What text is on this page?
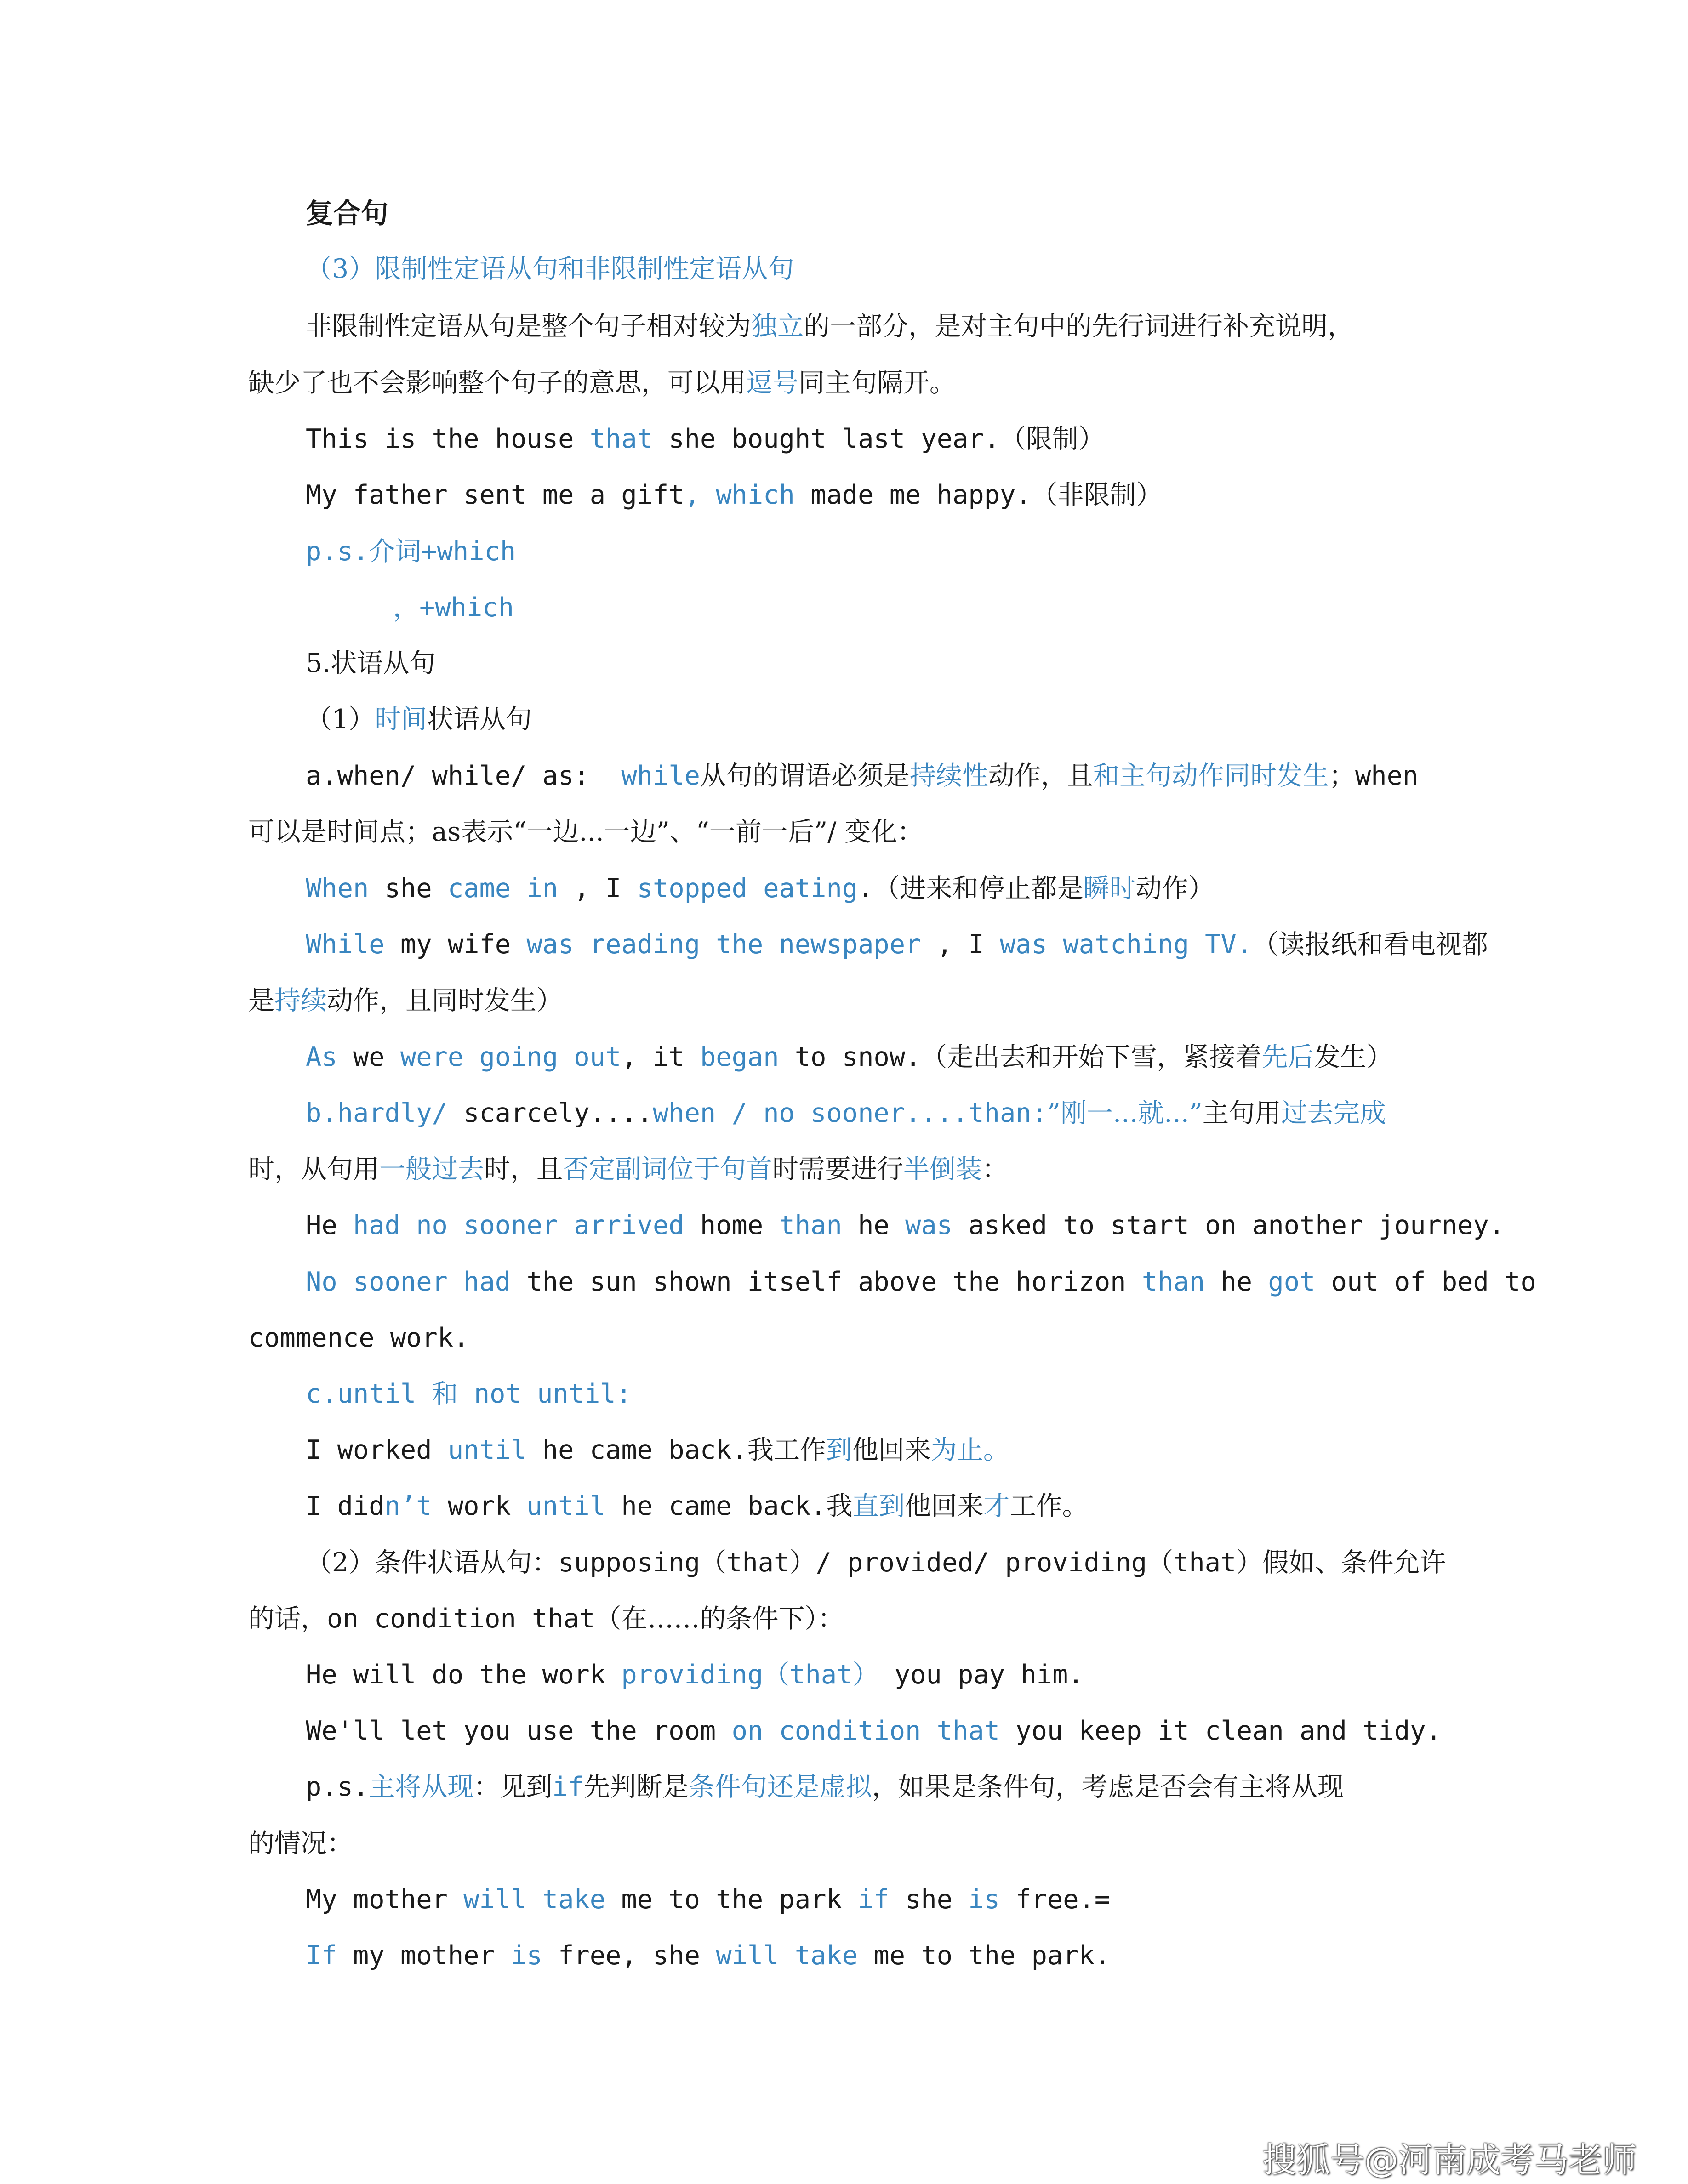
复合句
（3）限制性定语从句和非限制性定语从句
非限制性定语从句是整个句子相对较为独立的一部分，是对主句中的先行词进行补充说明，
缺少了也不会影响整个句子的意思，可以用逗号同主句隔开。
This is the house that she bought last year.（限制）
My father sent me a gift, which made me happy.（非限制）
p.s.介词+which
，+which
5.状语从句
（1）时间状语从句
a.when/ while/ as:  while从句的谓语必须是持续性动作，且和主句动作同时发生；when
可以是时间点；as表示“一边...一边”、“一前一后”/ 变化：
When she came in , I stopped eating.（进来和停止都是瞬时动作）
While my wife was reading the newspaper , I was watching TV.（读报纸和看电视都
是持续动作，且同时发生）
As we were going out, it began to snow.（走出去和开始下雪，紧接着先后发生）
b.hardly/ scarcely....when / no sooner....than:”刚一...就...”主句用过去完成
时，从句用一般过去时，且否定副词位于句首时需要进行半倒装：
He had no sooner arrived home than he was asked to start on another journey.
No sooner had the sun shown itself above the horizon than he got out of bed to
commence work.
c.until 和 not until:
I worked until he came back.我工作到他回来为止。
I didn’t work until he came back.我直到他回来才工作。
（2）条件状语从句：supposing（that）/ provided/ providing（that）假如、条件允许
的话，on condition that（在……的条件下）：
He will do the work providing（that） you pay him.
We'll let you use the room on condition that you keep it clean and tidy.
p.s.主将从现：见到if先判断是条件句还是虚拟，如果是条件句，考虑是否会有主将从现
的情况：
My mother will take me to the park if she is free.=
If my mother is free, she will take me to the park.
搜狐号@河南成考马老师
